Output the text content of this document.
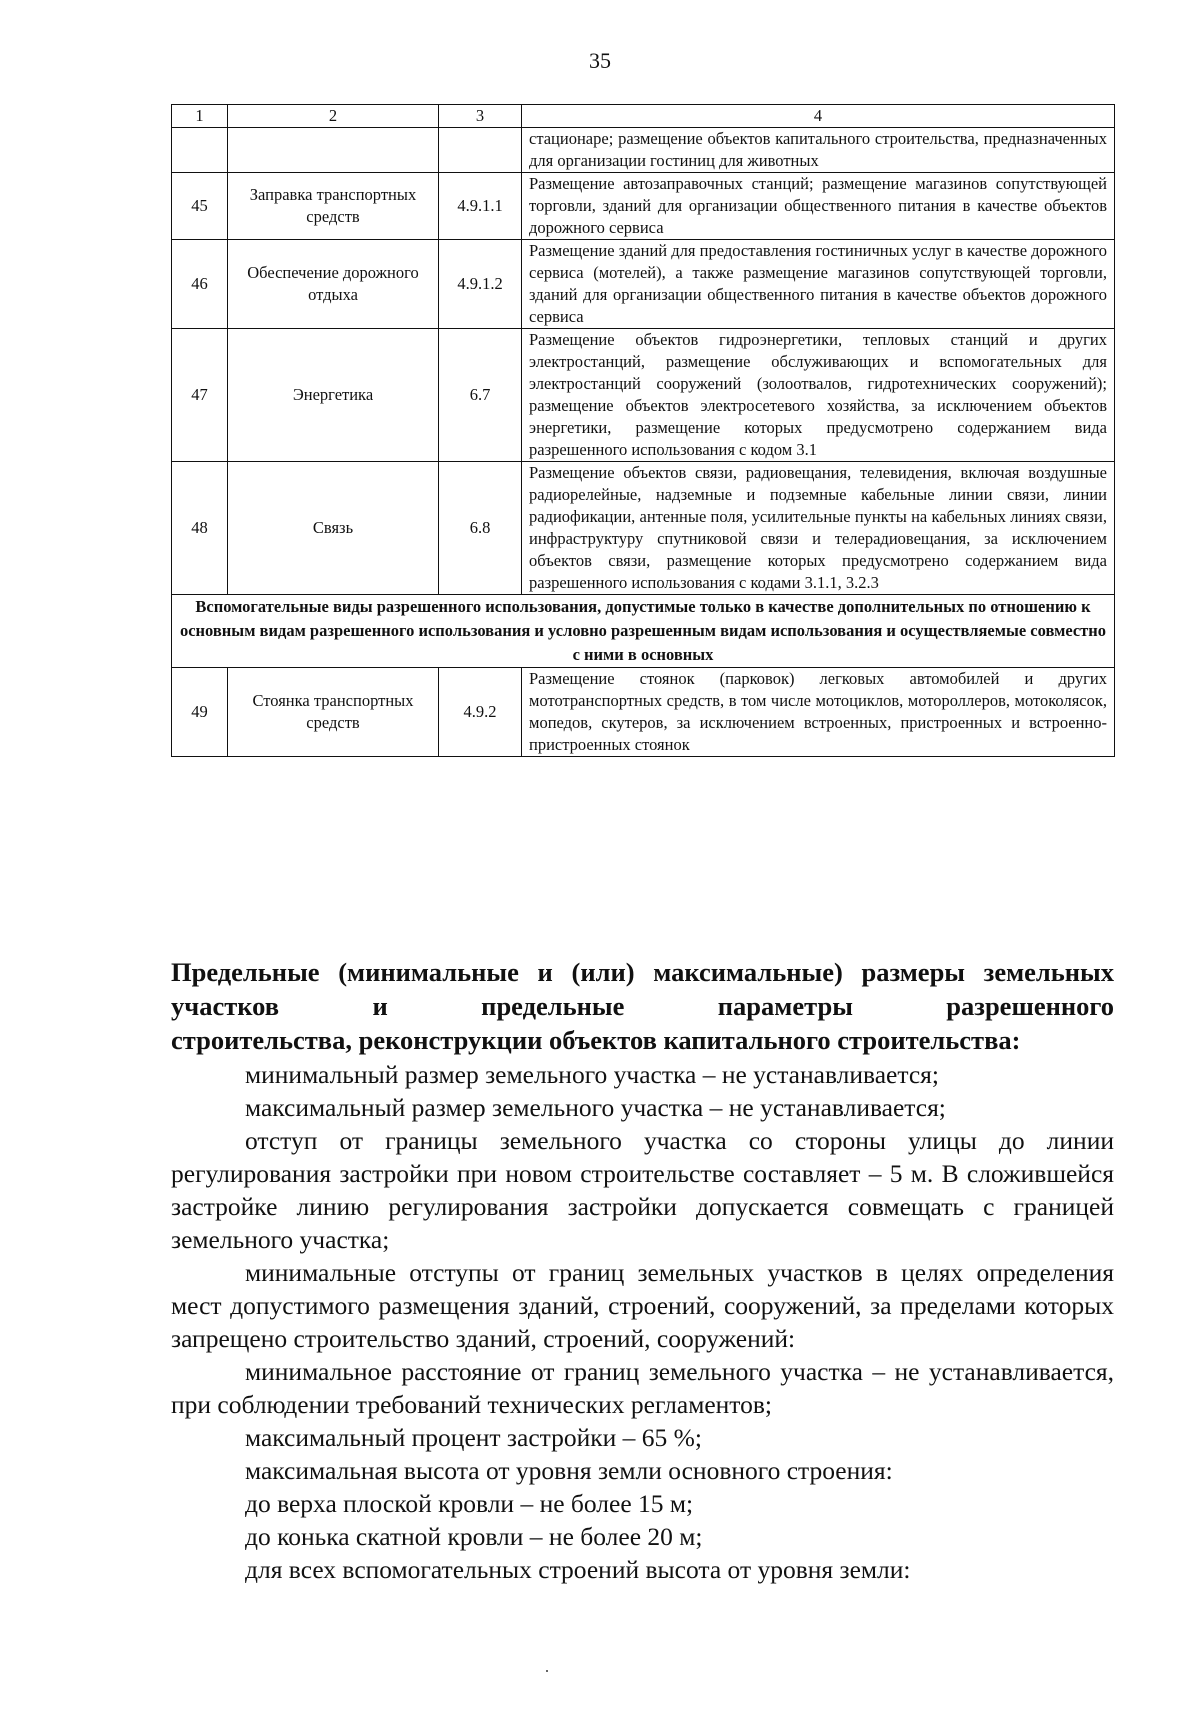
35
1	2	3	4
			стационаре; размещение объектов капитального строительства, предназначенных для организации гостиниц для животных
45	Заправка транспортных средств	4.9.1.1	Размещение автозаправочных станций; размещение магазинов сопутствующей торговли, зданий для организации общественного питания в качестве объектов дорожного сервиса
46	Обеспечение дорожного отдыха	4.9.1.2	Размещение зданий для предоставления гостиничных услуг в качестве дорожного сервиса (мотелей), а также размещение магазинов сопутствующей торговли, зданий для организации общественного питания в качестве объектов дорожного сервиса
47	Энергетика	6.7	Размещение объектов гидроэнергетики, тепловых станций и других электростанций, размещение обслуживающих и вспомогательных для электростанций сооружений (золоотвалов, гидротехнических сооружений); размещение объектов электросетевого хозяйства, за исключением объектов энергетики, размещение которых предусмотрено содержанием вида разрешенного использования с кодом 3.1
48	Связь	6.8	Размещение объектов связи, радиовещания, телевидения, включая воздушные радиорелейные, надземные и подземные кабельные линии связи, линии радиофикации, антенные поля, усилительные пункты на кабельных линиях связи, инфраструктуру спутниковой связи и телерадиовещания, за исключением объектов связи, размещение которых предусмотрено содержанием вида разрешенного использования с кодами 3.1.1, 3.2.3
Вспомогательные виды разрешенного использования, допустимые только в качестве дополнительных по отношению к основным видам разрешенного использования и условно разрешенным видам использования и осуществляемые совместно с ними в основных			
49	Стоянка транспортных средств	4.9.2	Размещение стоянок (парковок) легковых автомобилей и других мототранспортных средств, в том числе мотоциклов, мотороллеров, мотоколясок, мопедов, скутеров, за исключением встроенных, пристроенных и встроенно-пристроенных стоянок
Предельные (минимальные и (или) максимальные) размеры земельных участков и предельные параметры разрешенного
строительства, реконструкции объектов капитального строительства:

минимальный размер земельного участка – не устанавливается;

максимальный размер земельного участка – не устанавливается;

отступ от границы земельного участка со стороны улицы до линии регулирования застройки при новом строительстве составляет – 5 м. В сложившейся застройке линию регулирования застройки допускается совмещать с границей земельного участка;

минимальные отступы от границ земельных участков в целях определения мест допустимого размещения зданий, строений, сооружений, за пределами которых запрещено строительство зданий, строений, сооружений:

минимальное расстояние от границ земельного участка – не устанавливается, при соблюдении требований технических регламентов;

максимальный процент застройки – 65 %;

максимальная высота от уровня земли основного строения:

до верха плоской кровли – не более 15 м;

до конька скатной кровли – не более 20 м;

для всех вспомогательных строений высота от уровня земли:
